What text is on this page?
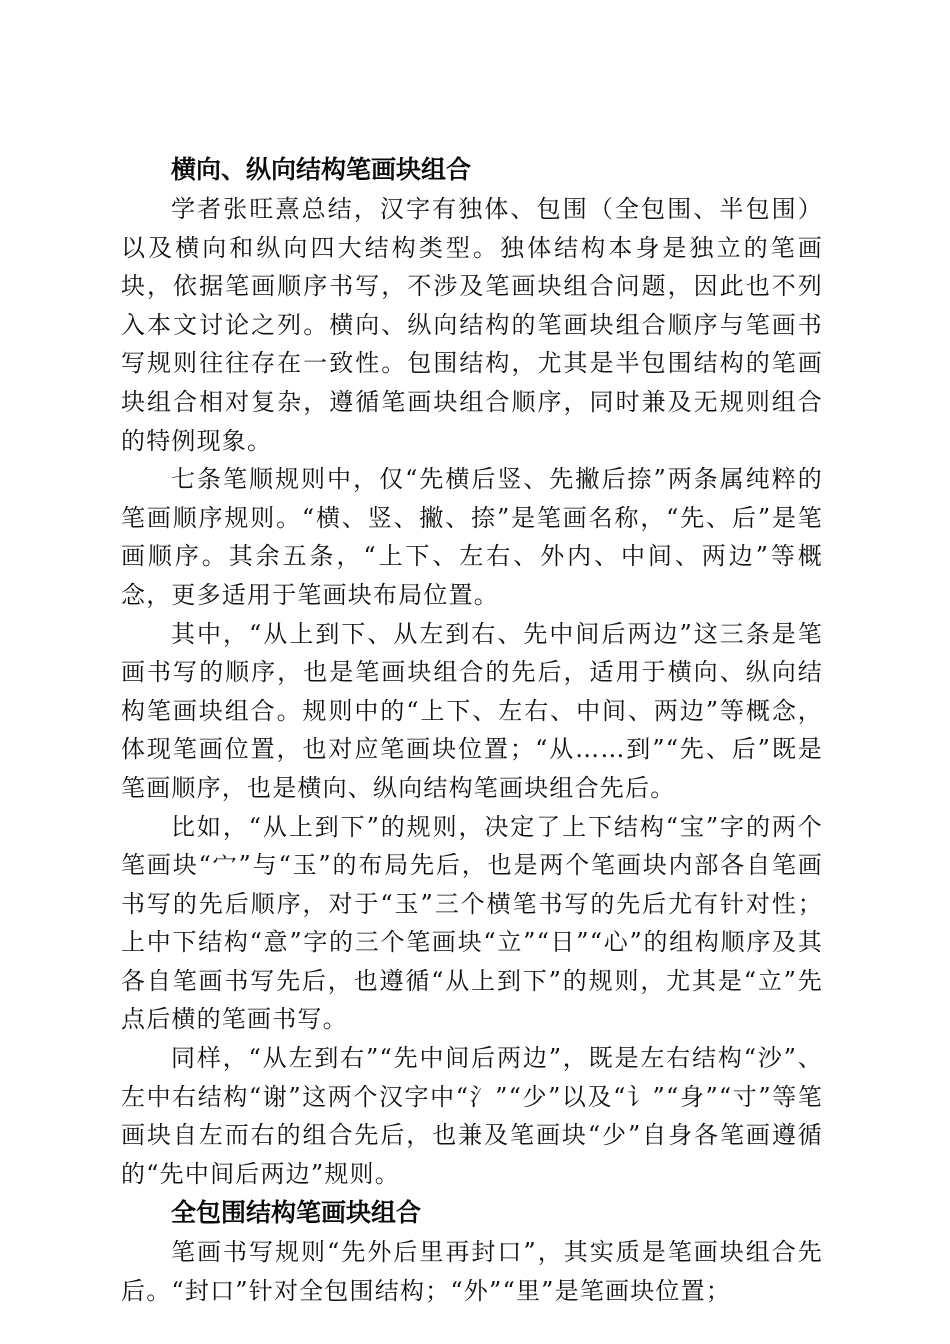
横向、纵向结构笔画块组合

学者张旺熹总结，汉字有独体、包围（全包围、半包围）以及横向和纵向四大结构类型。独体结构本身是独立的笔画块，依据笔画顺序书写，不涉及笔画块组合问题，因此也不列入本文讨论之列。横向、纵向结构的笔画块组合顺序与笔画书写规则往往存在一致性。包围结构，尤其是半包围结构的笔画块组合相对复杂，遵循笔画块组合顺序，同时兼及无规则组合的特例现象。

七条笔顺规则中，仅“先横后竖、先撇后捺”两条属纯粹的笔画顺序规则。“横、竖、撇、捺”是笔画名称，“先、后”是笔画顺序。其余五条，“上下、左右、外内、中间、两边”等概念，更多适用于笔画块布局位置。

其中，“从上到下、从左到右、先中间后两边”这三条是笔画书写的顺序，也是笔画块组合的先后，适用于横向、纵向结构笔画块组合。规则中的“上下、左右、中间、两边”等概念，体现笔画位置，也对应笔画块位置；“从……到”“先、后”既是笔画顺序，也是横向、纵向结构笔画块组合先后。

比如，“从上到下”的规则，决定了上下结构“宝”字的两个笔画块“宀”与“玉”的布局先后，也是两个笔画块内部各自笔画书写的先后顺序，对于“玉”三个横笔书写的先后尤有针对性；上中下结构“意”字的三个笔画块“立”“日”“心”的组构顺序及其各自笔画书写先后，也遵循“从上到下”的规则，尤其是“立”先点后横的笔画书写。

同样，“从左到右”“先中间后两边”，既是左右结构“沙”、左中右结构“谢”这两个汉字中“氵”“少”以及“讠”“身”“寸”等笔画块自左而右的组合先后，也兼及笔画块“少”自身各笔画遵循的“先中间后两边”规则。

全包围结构笔画块组合

笔画书写规则“先外后里再封口”，其实质是笔画块组合先后。“封口”针对全包围结构；“外”“里”是笔画块位置；
